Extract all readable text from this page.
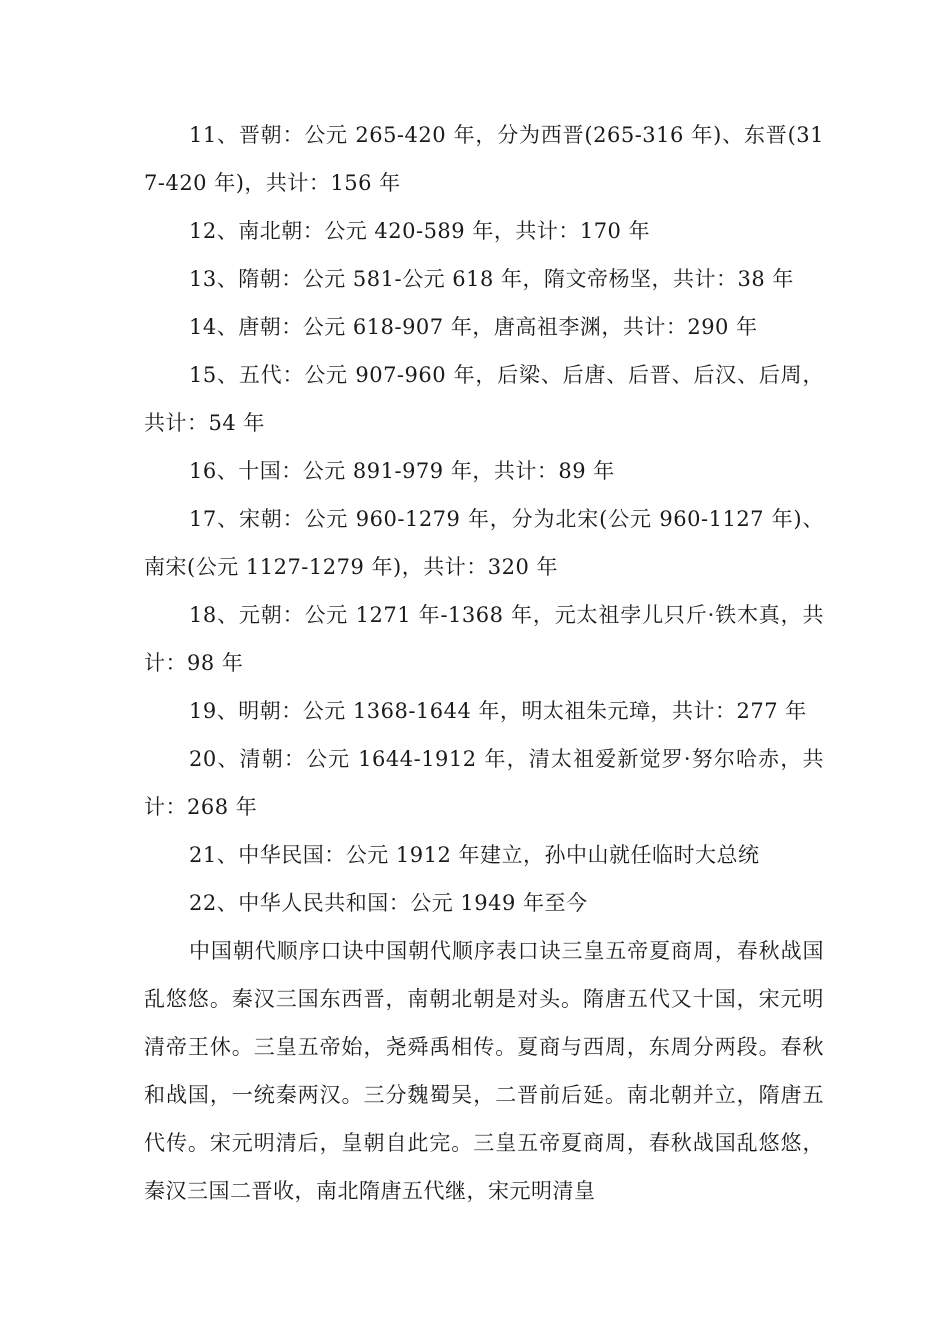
11、晋朝：公元 265-420 年，分为西晋(265-316 年)、东晋(317-420 年)，共计：156 年

12、南北朝：公元 420-589 年，共计：170 年

13、隋朝：公元 581-公元 618 年，隋文帝杨坚，共计：38 年

14、唐朝：公元 618-907 年，唐高祖李渊，共计：290 年

15、五代：公元 907-960 年，后梁、后唐、后晋、后汉、后周，共计：54 年

16、十国：公元 891-979 年，共计：89 年

17、宋朝：公元 960-1279 年，分为北宋(公元 960-1127 年)、南宋(公元 1127-1279 年)，共计：320 年

18、元朝：公元 1271 年-1368 年，元太祖孛儿只斤·铁木真，共计：98 年

19、明朝：公元 1368-1644 年，明太祖朱元璋，共计：277 年

20、清朝：公元 1644-1912 年，清太祖爱新觉罗·努尔哈赤，共计：268 年

21、中华民国：公元 1912 年建立，孙中山就任临时大总统

22、中华人民共和国：公元 1949 年至今

中国朝代顺序口诀中国朝代顺序表口诀三皇五帝夏商周，春秋战国乱悠悠。秦汉三国东西晋，南朝北朝是对头。隋唐五代又十国，宋元明清帝王休。三皇五帝始，尧舜禹相传。夏商与西周，东周分两段。春秋和战国，一统秦两汉。三分魏蜀吴，二晋前后延。南北朝并立，隋唐五代传。宋元明清后，皇朝自此完。三皇五帝夏商周，春秋战国乱悠悠，秦汉三国二晋收，南北隋唐五代继，宋元明清皇
